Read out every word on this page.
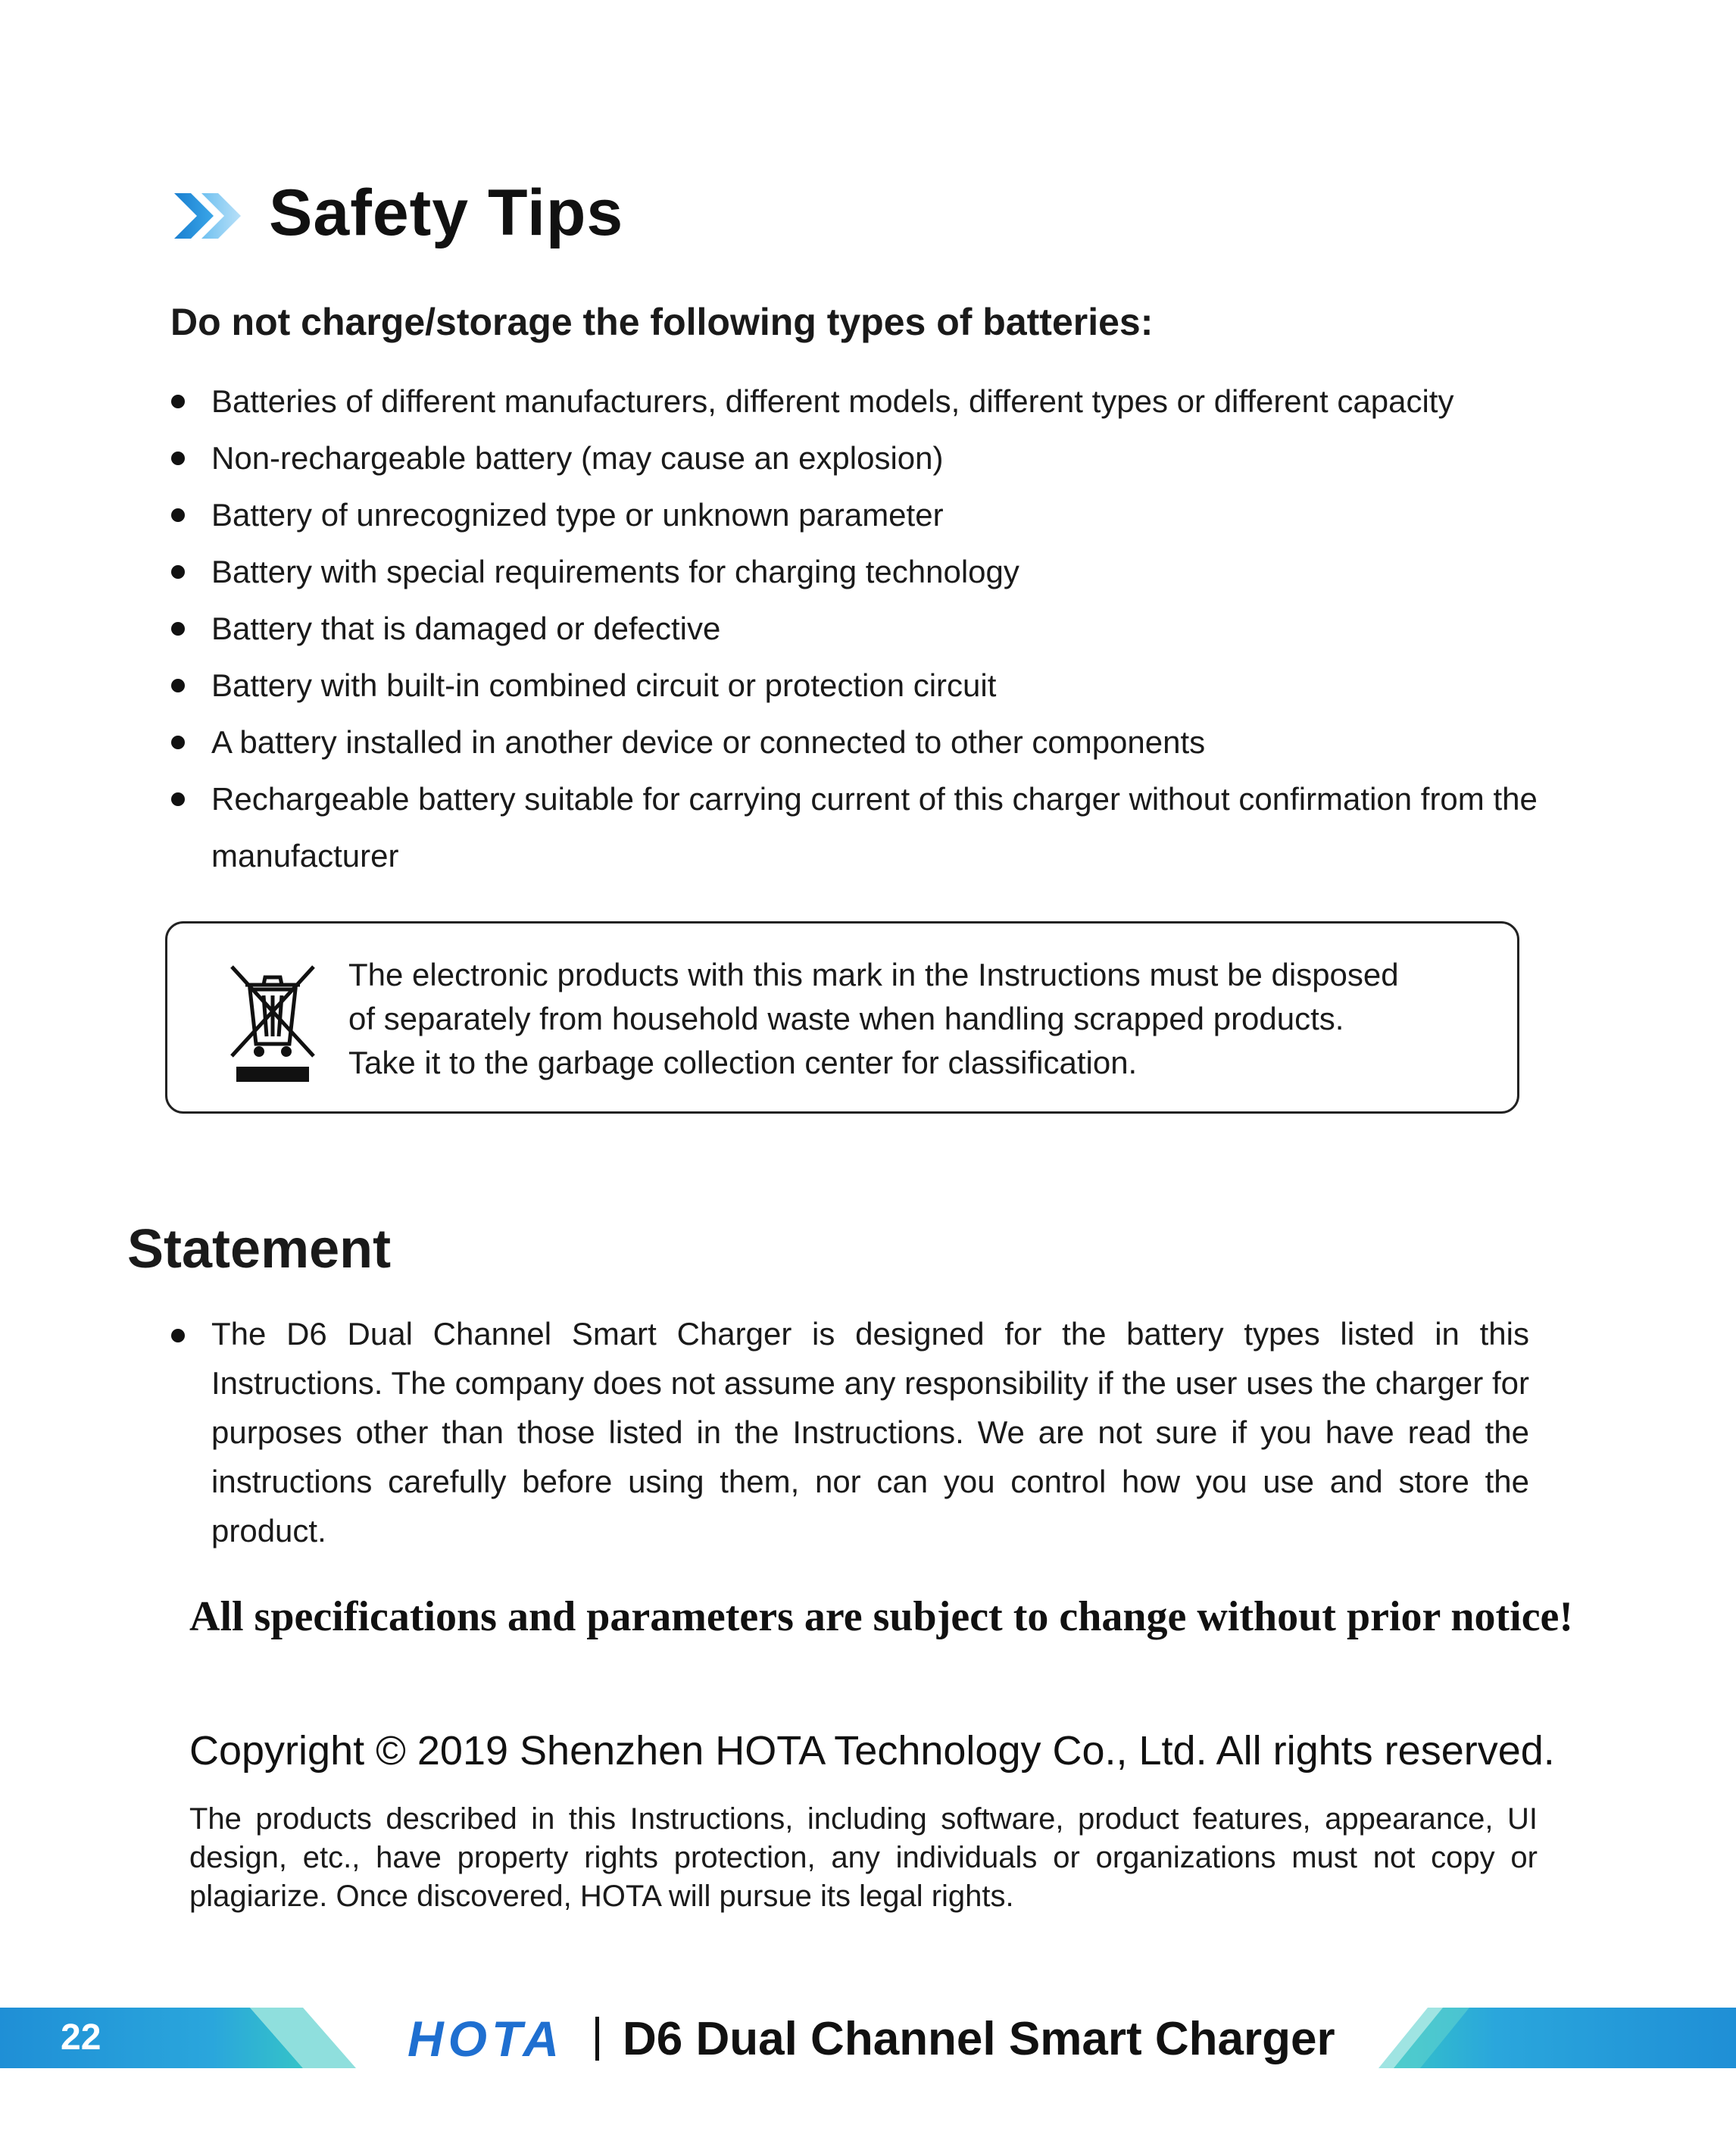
Safety Tips
Do not charge/storage the following types of batteries:
Batteries of different manufacturers, different models, different types or different capacity
Non-rechargeable battery (may cause an explosion)
Battery of unrecognized type or unknown parameter
Battery with special requirements for charging technology
Battery that is damaged or defective
Battery with built-in combined circuit or protection circuit
A battery installed in another device or connected to other components
Rechargeable battery suitable for carrying current of this charger without confirmation from the manufacturer
The electronic products with this mark in the Instructions must be disposed
of separately from household waste when handling scrapped products.
Take it to the garbage collection center for classification.
Statement
The D6 Dual Channel Smart Charger is designed for the battery types listed in this Instructions. The company does not assume any responsibility if the user uses the charger for purposes other than those listed in the Instructions. We are not sure if you have read the instructions carefully before using them, nor can you control how you use and store the product.
All specifications and parameters are subject to change without prior notice!
Copyright © 2019 Shenzhen HOTA Technology Co., Ltd. All rights reserved.
The products described in this Instructions, including software, product features, appearance, UI design, etc., have property rights protection, any individuals or organizations must not copy or plagiarize. Once discovered, HOTA will pursue its legal rights.
22	HOTA D6 Dual Channel Smart Charger
